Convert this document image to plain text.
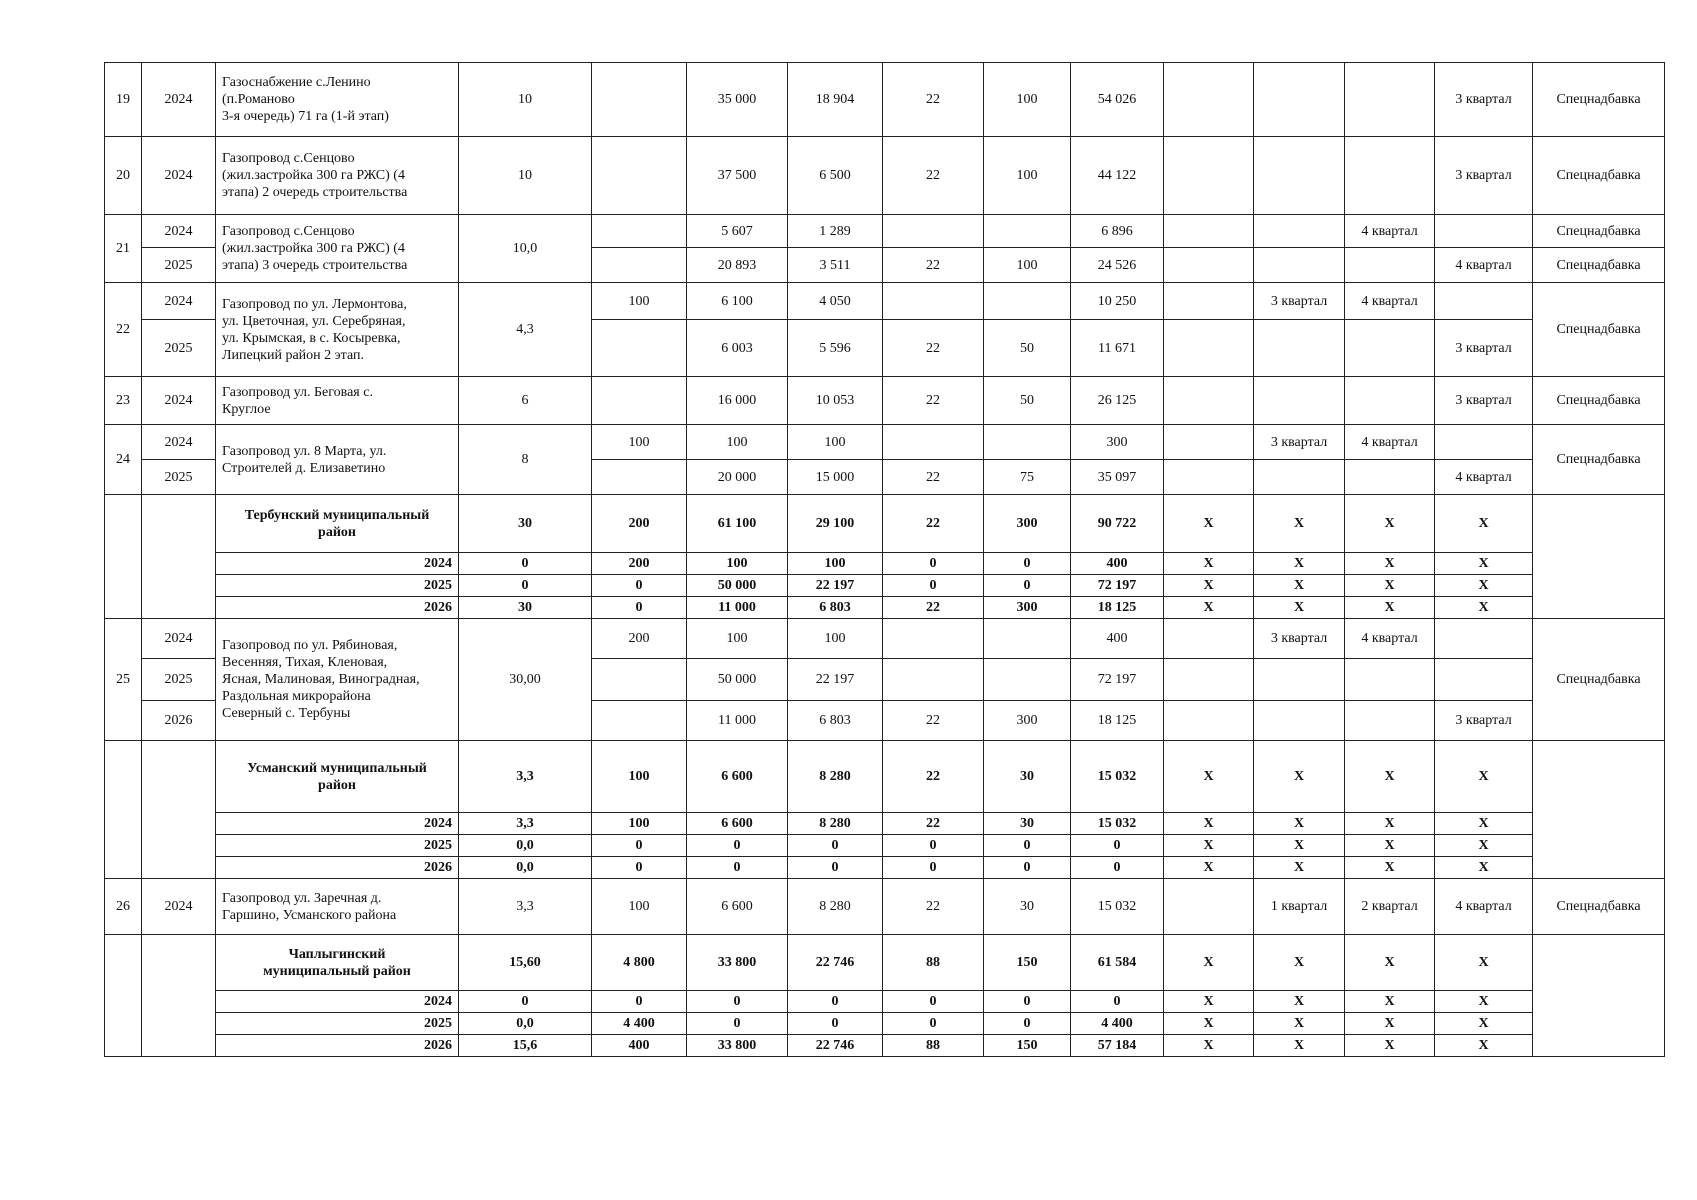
19	2024	Газоснабжение с.Ленино
(п.Романово
3-я очередь) 71 га (1-й этап)	10		35 000	18 904	22	100	54 026				3 квартал	Спецнадбавка
20	2024	Газопровод с.Сенцово
(жил.застройка 300 га РЖС) (4
этапа) 2 очередь строительства	10		37 500	6 500	22	100	44 122				3 квартал	Спецнадбавка
21	2024	Газопровод с.Сенцово
(жил.застройка 300 га РЖС) (4
этапа) 3 очередь строительства	10,0		5 607	1 289			6 896			4 квартал		Спецнадбавка
	2025				20 893	3 511	22	100	24 526				4 квартал	Спецнадбавка
22	2024	Газопровод по ул. Лермонтова,
ул. Цветочная, ул. Серебряная,
ул. Крымская, в с. Косыревка,
Липецкий район 2 этап.	4,3	100	6 100	4 050			10 250		3 квартал	4 квартал		Спецнадбавка
	2025				6 003	5 596	22	50	11 671				3 квартал	
23	2024	Газопровод ул. Беговая с.
Круглое	6		16 000	10 053	22	50	26 125				3 квартал	Спецнадбавка
24	2024	Газопровод ул. 8 Марта, ул.
Строителей д. Елизаветино	8	100	100	100			300		3 квартал	4 квартал		Спецнадбавка
	2025				20 000	15 000	22	75	35 097				4 квартал	
		Тербунский муниципальный
район	30	200	61 100	29 100	22	300	90 722	Х	Х	Х	Х	
		2024	0	200	100	100	0	0	400	Х	Х	Х	Х	
		2025	0	0	50 000	22 197	0	0	72 197	Х	Х	Х	Х	
		2026	30	0	11 000	6 803	22	300	18 125	Х	Х	Х	Х	
25	2024	Газопровод по ул. Рябиновая,
Весенняя, Тихая, Кленовая,
Ясная, Малиновая, Виноградная,
Раздольная микрорайона
Северный с. Тербуны	30,00	200	100	100			400		3 квартал	4 квартал		Спецнадбавка
	2025				50 000	22 197			72 197					
	2026				11 000	6 803	22	300	18 125				3 квартал	
		Усманский муниципальный
район	3,3	100	6 600	8 280	22	30	15 032	Х	Х	Х	Х	
		2024	3,3	100	6 600	8 280	22	30	15 032	Х	Х	Х	Х	
		2025	0,0	0	0	0	0	0	0	Х	Х	Х	Х	
		2026	0,0	0	0	0	0	0	0	Х	Х	Х	Х	
26	2024	Газопровод ул. Заречная д.
Гаршино, Усманского района	3,3	100	6 600	8 280	22	30	15 032		1 квартал	2 квартал	4 квартал	Спецнадбавка
		Чаплыгинский
муниципальный район	15,60	4 800	33 800	22 746	88	150	61 584	Х	Х	Х	Х	
		2024	0	0	0	0	0	0	0	Х	Х	Х	Х	
		2025	0,0	4 400	0	0	0	0	4 400	Х	Х	Х	Х	
		2026	15,6	400	33 800	22 746	88	150	57 184	Х	Х	Х	Х	
